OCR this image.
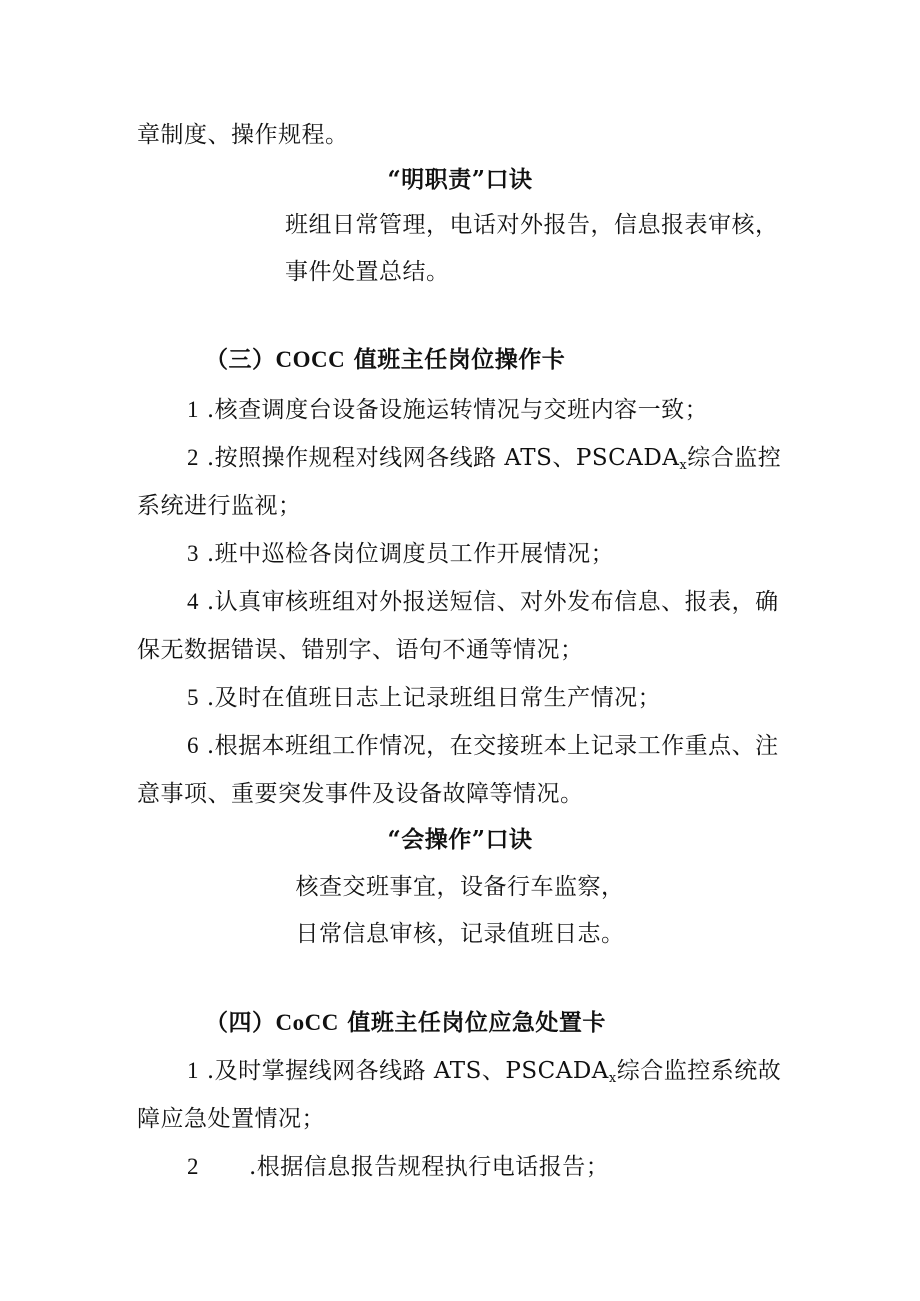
章制度、操作规程。
“明职责”口诀
班组日常管理，电话对外报告，信息报表审核，
事件处置总结。
（三）COCC 值班主任岗位操作卡
1 .核查调度台设备设施运转情况与交班内容一致；
2 .按照操作规程对线网各线路 ATS、$PSCADA_x$综合监控
系统进行监视；
3 .班中巡检各岗位调度员工作开展情况；
4 .认真审核班组对外报送短信、对外发布信息、报表，确
保无数据错误、错别字、语句不通等情况；
5 .及时在值班日志上记录班组日常生产情况；
6 .根据本班组工作情况，在交接班本上记录工作重点、注
意事项、重要突发事件及设备故障等情况。
“会操作”口诀
核查交班事宜，设备行车监察，
日常信息审核，记录值班日志。
（四）CoCC 值班主任岗位应急处置卡
1 .及时掌握线网各线路 ATS、$PSCADA_x$综合监控系统故
障应急处置情况；
2 .根据信息报告规程执行电话报告；
